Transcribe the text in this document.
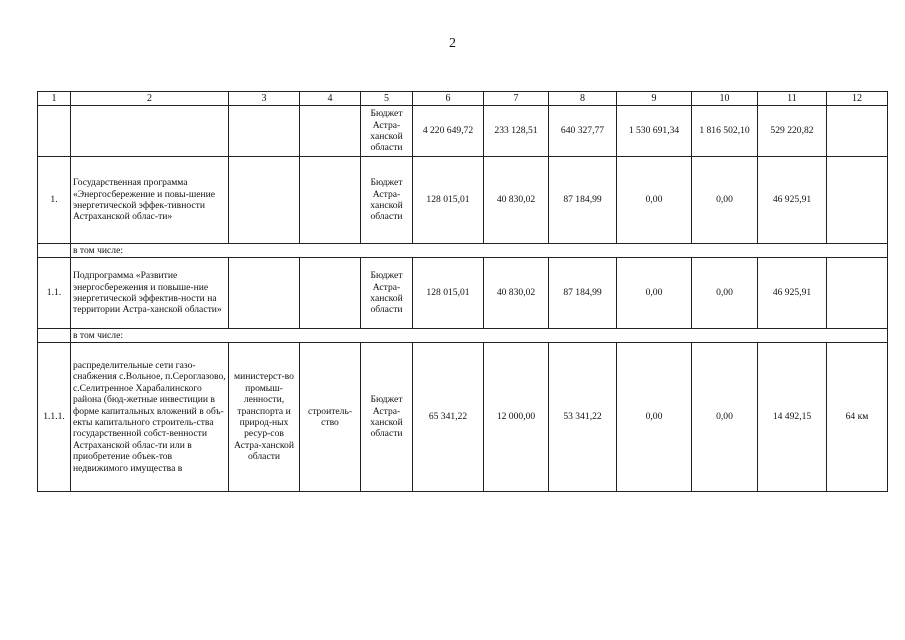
2
1	2	3	4	5	6	7	8	9	10	11	12
				Бюджет Астра-ханской области	4 220 649,72	233 128,51	640 327,77	1 530 691,34	1 816 502,10	529 220,82	
1.	Государственная программа «Энергосбережение и повы-шение энергетической эффек-тивности Астраханской облас-ти»			Бюджет Астра-ханской области	128 015,01	40 830,02	87 184,99	0,00	0,00	46 925,91	
	в том числе:										
1.1.	Подпрограмма «Развитие энергосбережения и повыше-ние энергетической эффектив-ности на территории Астра-ханской области»			Бюджет Астра-ханской области	128 015,01	40 830,02	87 184,99	0,00	0,00	46 925,91	
	в том числе:										
1.1.1.	распределительные сети газо-снабжения с.Вольное, п.Сероглазово, с.Селитренное Харабалинского района (бюд-жетные инвестиции в форме капитальных вложений в объ-екты капитального строитель-ства государственной собст-венности Астраханской облас-ти или в приобретение объек-тов недвижимого имущества в	министерст-во промыш-ленности, транспорта и природ-ных ресур-сов Астра-ханской области	строитель-ство	Бюджет Астра-ханской области	65 341,22	12 000,00	53 341,22	0,00	0,00	14 492,15	64 км
